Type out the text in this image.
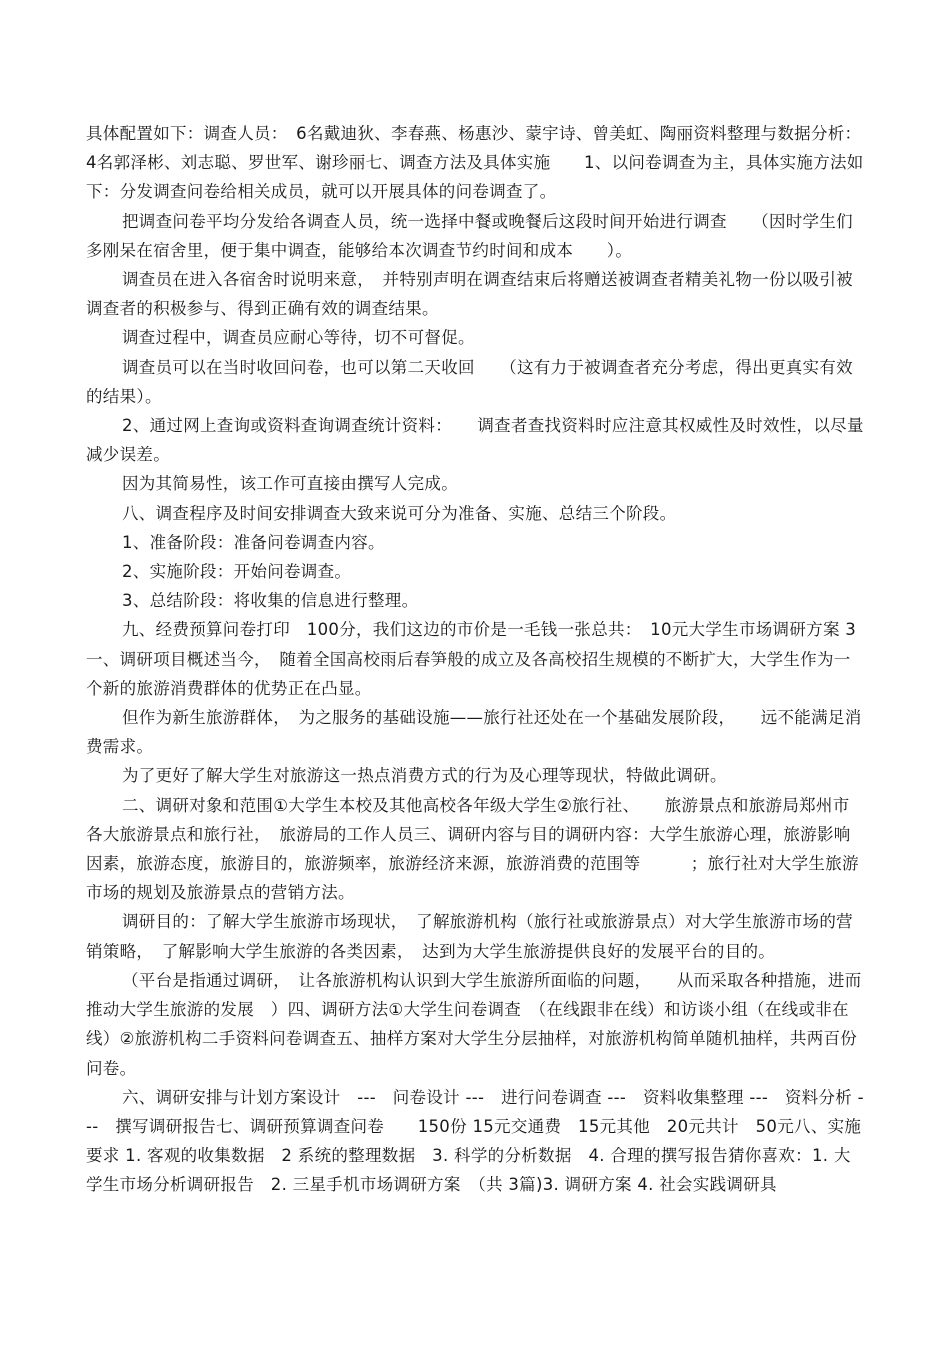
具体配置如下：调查人员：　6名戴迪狄、李春燕、杨惠沙、蒙宇诗、曾美虹、陶丽资料整理与数据分析：　4名郭泽彬、刘志聪、罗世军、谢珍丽七、调查方法及具体实施　　1、以问卷调查为主，具体实施方法如下：分发调查问卷给相关成员，就可以开展具体的问卷调查了。

把调查问卷平均分发给各调查人员，统一选择中餐或晚餐后这段时间开始进行调查　　（因时学生们多刚呆在宿舍里，便于集中调查，能够给本次调查节约时间和成本　　）。

调查员在进入各宿舍时说明来意，　并特别声明在调查结束后将赠送被调查者精美礼物一份以吸引被调查者的积极参与、得到正确有效的调查结果。

调查过程中，调查员应耐心等待，切不可督促。

调查员可以在当时收回问卷，也可以第二天收回　　（这有力于被调查者充分考虑，得出更真实有效的结果）。

2、通过网上查询或资料查询调查统计资料：　　调查者查找资料时应注意其权威性及时效性，以尽量减少误差。

因为其简易性，该工作可直接由撰写人完成。

八、调查程序及时间安排调查大致来说可分为准备、实施、总结三个阶段。

1、准备阶段：准备问卷调查内容。

2、实施阶段：开始问卷调查。

3、总结阶段：将收集的信息进行整理。

九、经费预算问卷打印　100分，我们这边的市价是一毛钱一张总共：　10元大学生市场调研方案 3一、调研项目概述当今，　随着全国高校雨后春笋般的成立及各高校招生规模的不断扩大，大学生作为一个新的旅游消费群体的优势正在凸显。

但作为新生旅游群体，　为之服务的基础设施——旅行社还处在一个基础发展阶段，　　远不能满足消费需求。

为了更好了解大学生对旅游这一热点消费方式的行为及心理等现状，特做此调研。

二、调研对象和范围①大学生本校及其他高校各年级大学生②旅行社、　　旅游景点和旅游局郑州市各大旅游景点和旅行社，　旅游局的工作人员三、调研内容与目的调研内容：大学生旅游心理，旅游影响因素，旅游态度，旅游目的，旅游频率，旅游经济来源，旅游消费的范围等　　　；旅行社对大学生旅游市场的规划及旅游景点的营销方法。

调研目的：了解大学生旅游市场现状，　了解旅游机构（旅行社或旅游景点）对大学生旅游市场的营销策略，　了解影响大学生旅游的各类因素，　达到为大学生旅游提供良好的发展平台的目的。

（平台是指通过调研，　让各旅游机构认识到大学生旅游所面临的问题，　　从而采取各种措施，进而推动大学生旅游的发展　）四、调研方法①大学生问卷调查　（在线跟非在线）和访谈小组（在线或非在线）②旅游机构二手资料问卷调查五、抽样方案对大学生分层抽样，对旅游机构简单随机抽样，共两百份问卷。

六、调研安排与计划方案设计　---　问卷设计 ---　进行问卷调查 ---　资料收集整理 ---　资料分析 ---　撰写调研报告七、调研预算调查问卷　　150份 15元交通费　15元其他　20元共计　50元八、实施要求 1. 客观的收集数据　2 系统的整理数据　3. 科学的分析数据　4. 合理的撰写报告猜你喜欢：1. 大学生市场分析调研报告　2. 三星手机市场调研方案　（共 3篇)3. 调研方案 4. 社会实践调研具
